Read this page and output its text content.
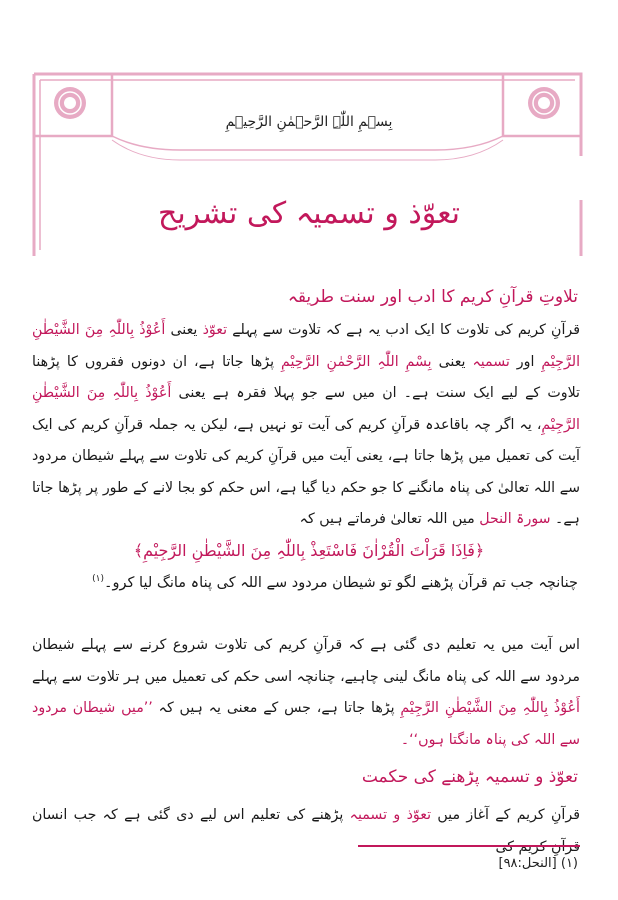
بِسۡمِ اللّٰہِ الرَّحۡمٰنِ الرَّحِیۡمِ
تعوّذ و تسمیہ کی تشریح
تلاوتِ قرآنِ کریم کا ادب اور سنت طریقہ
قرآنِ کریم کی تلاوت کا ایک ادب یہ ہے کہ تلاوت سے پہلے تعوّذ یعنی أَعُوْذُ بِاللّٰہِ مِنَ الشَّیْطٰنِ الرَّجِیْمِ اور تسمیہ یعنی بِسْمِ اللّٰہِ الرَّحْمٰنِ الرَّحِیْمِ پڑھا جاتا ہے، ان دونوں فقروں کا پڑھنا تلاوت کے لیے ایک سنت ہے۔ ان میں سے جو پہلا فقرہ ہے یعنی أَعُوْذُ بِاللّٰہِ مِنَ الشَّیْطٰنِ الرَّجِیْمِ، یہ اگر چہ باقاعدہ قرآنِ کریم کی آیت تو نہیں ہے، لیکن یہ جملہ قرآنِ کریم کی ایک آیت کی تعمیل میں پڑھا جاتا ہے، یعنی آیت میں قرآنِ کریم کی تلاوت سے پہلے شیطان مردود سے اللہ تعالیٰ کی پناہ مانگنے کا جو حکم دیا گیا ہے، اس حکم کو بجا لانے کے طور پر پڑھا جاتا ہے۔ سورۃ النحل میں اللہ تعالیٰ فرماتے ہیں کہ
﴿فَاِذَا قَرَاْتَ الْقُرْاٰنَ فَاسْتَعِذْ بِاللّٰہِ مِنَ الشَّیْطٰنِ الرَّجِیْمِ﴾
چنانچہ جب تم قرآن پڑھنے لگو تو شیطان مردود سے اللہ کی پناہ مانگ لیا کرو۔$^{(۱)}$
اس آیت میں یہ تعلیم دی گئی ہے کہ قرآنِ کریم کی تلاوت شروع کرنے سے پہلے شیطان مردود سے اللہ کی پناہ مانگ لینی چاہیے، چنانچہ اسی حکم کی تعمیل میں ہر تلاوت سے پہلے أَعُوْذُ بِاللّٰہِ مِنَ الشَّیْطٰنِ الرَّجِیْمِ پڑھا جاتا ہے، جس کے معنی یہ ہیں کہ ’’میں شیطان مردود سے اللہ کی پناہ مانگتا ہوں‘‘۔
تعوّذ و تسمیہ پڑھنے کی حکمت
قرآنِ کریم کے آغاز میں تعوّذ و تسمیہ پڑھنے کی تعلیم اس لیے دی گئی ہے کہ جب انسان
(۱) [النحل:۹۸]
